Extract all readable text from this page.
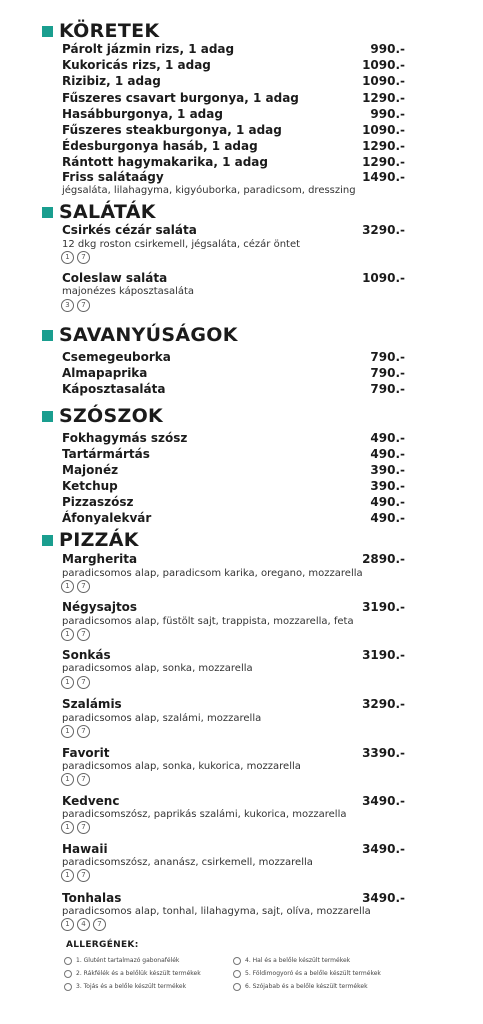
KÖRETEK
Párolt jázmin rizs, 1 adag	990.-
Kukoricás rizs, 1 adag	1090.-
Rizibiz, 1 adag	1090.-
Fűszeres csavart burgonya, 1 adag	1290.-
Hasábburgonya, 1 adag	990.-
Fűszeres steakburgonya, 1 adag	1090.-
Édesburgonya hasáb, 1 adag	1290.-
Rántott hagymakarika, 1 adag	1290.-
Friss salátaágy	1490.-
jégsaláta, lilahagyma, kigyóuborka, paradicsom, dresszing
SALÁTÁK
Csirkés cézár saláta	3290.-
12 dkg roston csirkemell, jégsaláta, cézár öntet
1	7
Coleslaw saláta	1090.-
majonézes káposztasaláta
3	7
SAVANYÚSÁGOK
Csemegeuborka	790.-
Almapaprika	790.-
Káposztasaláta	790.-
SZÓSZOK
Fokhagymás szósz	490.-
Tartármártás	490.-
Majonéz	390.-
Ketchup	390.-
Pizzaszósz	490.-
Áfonyalekvár	490.-
PIZZÁK
Margherita	2890.-
paradicsomos alap, paradicsom karika, oregano, mozzarella
1	7
Négysajtos	3190.-
paradicsomos alap, füstölt sajt, trappista, mozzarella, feta
1	7
Sonkás	3190.-
paradicsomos alap, sonka, mozzarella
1	7
Szalámis	3290.-
paradicsomos alap, szalámi, mozzarella
1	7
Favorit	3390.-
paradicsomos alap, sonka, kukorica, mozzarella
1	7
Kedvenc	3490.-
paradicsomszósz, paprikás szalámi, kukorica, mozzarella
1	7
Hawaii	3490.-
paradicsomszósz, ananász, csirkemell, mozzarella
1	7
Tonhalas	3490.-
paradicsomos alap, tonhal, lilahagyma, sajt, olíva, mozzarella
1	4	7
ALLERGÉNEK:
1. Glutént tartalmazó gabonafélék
2. Rákfélék és a belőlük készült termékek
3. Tojás és a belőle készült termékek
4. Hal és a belőle készült termékek
5. Földimogyoró és a belőle készült termékek
6. Szójabab és a belőle készült termékek
